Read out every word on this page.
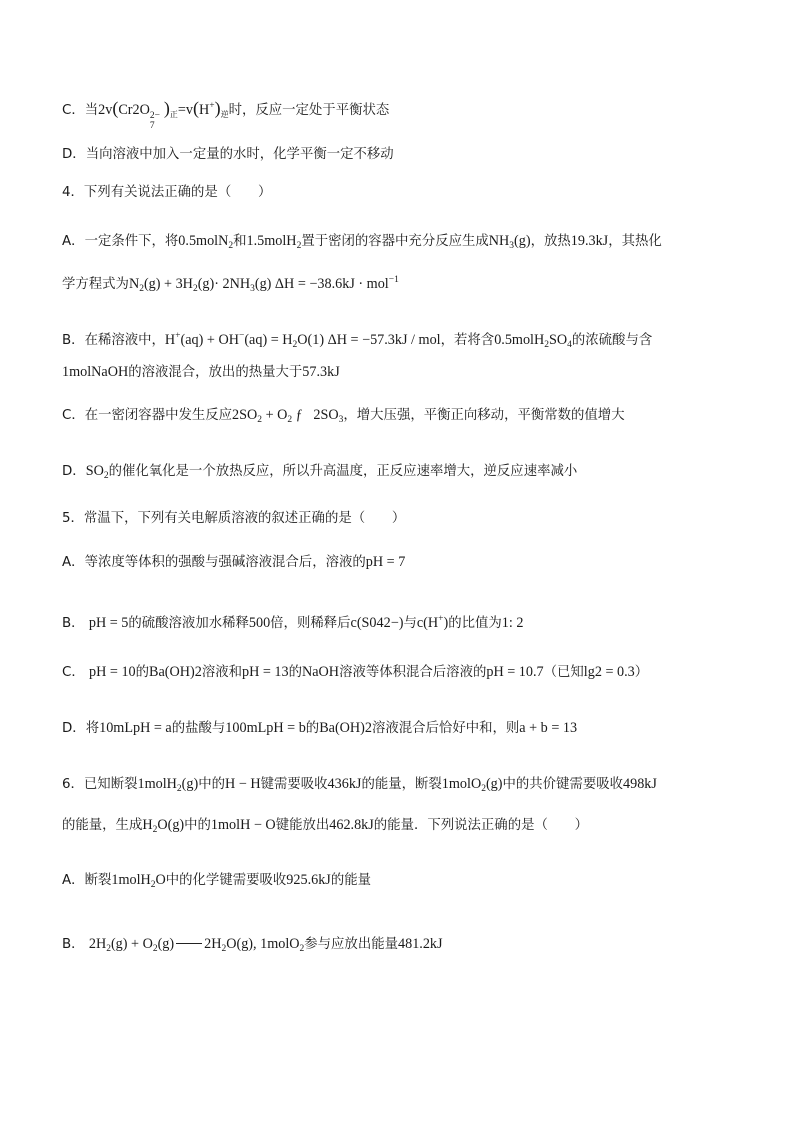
C．当2v(Cr2O 2−
7
)$_正=v(H^+)_逆$时，反应一定处于平衡状态
D．当向溶液中加入一定量的水时，化学平衡一定不移动
4．下列有关说法正确的是（　　）
A．一定条件下，将0.5molN$_2$和1.5molH$_2$置于密闭的容器中充分反应生成$NH_3(g)$，放热19.3kJ，其热化
学方程式为$N_2(g) + 3H_2(g)\cdot 2NH_3(g) \Delta H = -38.6kJ \cdot mol^{-1}$
B．在稀溶液中，$H^+(aq) + OH^-(aq) = H_2O(1) \Delta H = -57.3kJ$ / mol，若将含$0.5molH_2SO_4$的浓硫酸与含
1molNaOH的溶液混合，放出的热量大于57.3kJ
C．在一密闭容器中发生反应$2SO_2 + O_2$ ƒ   $2SO_3$，增大压强，平衡正向移动，平衡常数的值增大
D．$SO_2$的催化氧化是一个放热反应，所以升高温度，正反应速率增大，逆反应速率减小
5．常温下，下列有关电解质溶液的叙述正确的是（　　）
A．等浓度等体积的强酸与强碱溶液混合后，溶液的pH = 7
B． pH = 5的硫酸溶液加水稀释500倍，则稀释后c(S042−)与c(H+)的比值为1: 2
C． pH = 10的Ba(OH)2溶液和pH = 13的NaOH溶液等体积混合后溶液的pH = 10.7（已知lg2 = 0.3）
D．将10mLpH = a的盐酸与100mLpH = b的Ba(OH)2溶液混合后恰好中和，则a + b = 13
6．已知断裂1molH$_2$(g)中的H − H键需要吸收436kJ的能量，断裂1molO$_2$(g)中的共价键需要吸收498kJ
的能量，生成$H_2O(g)$中的1molH − O键能放出462.8kJ的能量．下列说法正确的是（　　）
A．断裂1molH$_2$O中的化学键需要吸收925.6kJ的能量
B． $2H_2(g) + O_2(g)$ $2H_2O(g)$, 1molO$_2$参与应放出能量481.2kJ
